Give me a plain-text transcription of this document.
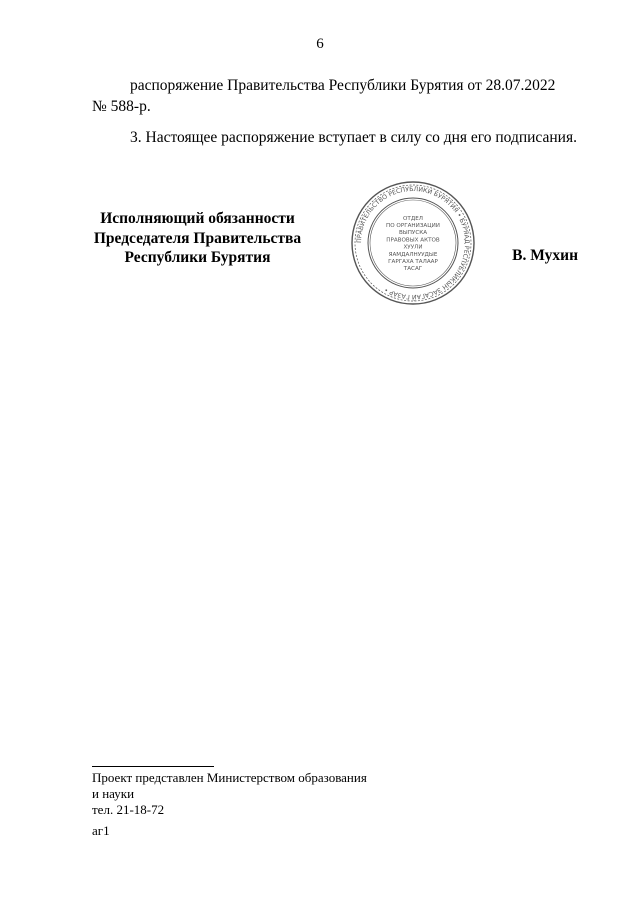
6
распоряжение Правительства Республики Бурятия от 28.07.2022
№ 588-р.
3. Настоящее распоряжение вступает в силу со дня его подписания.
Исполняющий обязанности
Председателя Правительства
Республики Бурятия	В. Мухин
ПРАВИТЕЛЬСТВО РЕСПУБЛИКИ БУРЯТИЯ • БУРЯАД РЕСПУБЛИКЫН ЗАСАГАЙ ГАЗАР •
ОТДЕЛ
ПО ОРГАНИЗАЦИИ
ВЫПУСКА
ПРАВОВЫХ АКТОВ
ХУУЛИ
ЯАМДАЛНУУДЫЕ
ГАРГАХА ТАЛААР
ТАСАГ
Проект представлен Министерством образования
и науки
тел. 21-18-72
аг1
